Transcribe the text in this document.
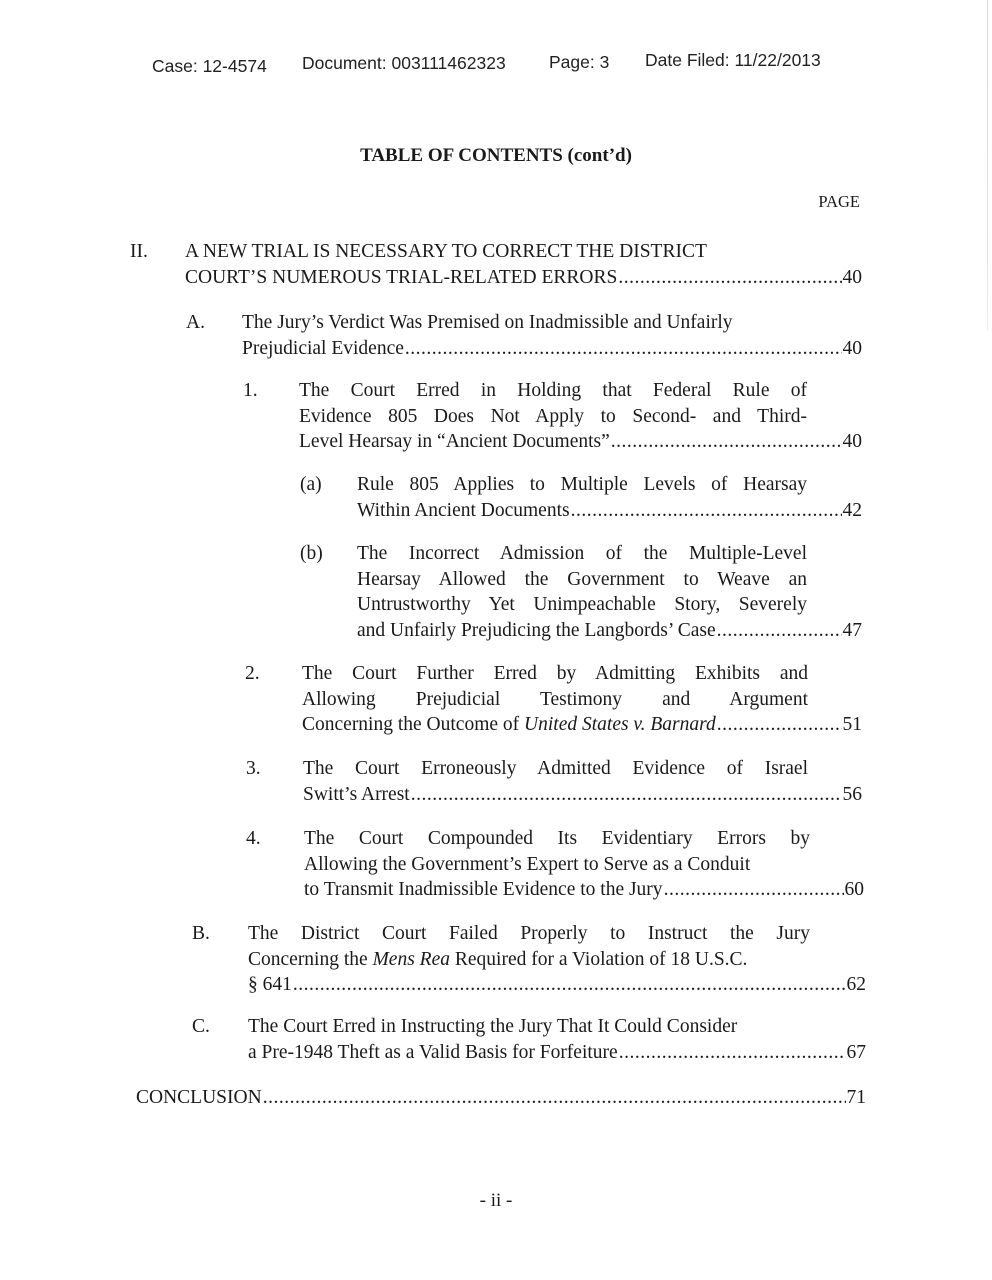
Case: 12-4574 Document: 003111462323 Page: 3 Date Filed: 11/22/2013
TABLE OF CONTENTS (cont’d)
PAGE
II. A NEW TRIAL IS NECESSARY TO CORRECT THE DISTRICT
COURT’S NUMEROUS TRIAL-RELATED ERRORS .....	40
A. The Jury’s Verdict Was Premised on Inadmissible and Unfairly
Prejudicial Evidence .....	40
1. The Court Erred in Holding that Federal Rule of
Evidence 805 Does Not Apply to Second- and Third-
Level Hearsay in “Ancient Documents” .....	40
(a) Rule 805 Applies to Multiple Levels of Hearsay
Within Ancient Documents .....	42
(b) The Incorrect Admission of the Multiple-Level
Hearsay Allowed the Government to Weave an
Untrustworthy Yet Unimpeachable Story, Severely
and Unfairly Prejudicing the Langbords’ Case .....	47
2. The Court Further Erred by Admitting Exhibits and
Allowing Prejudicial Testimony and Argument
Concerning the Outcome of United States v. Barnard .....	51
3. The Court Erroneously Admitted Evidence of Israel
Switt’s Arrest .....	56
4. The Court Compounded Its Evidentiary Errors by
Allowing the Government’s Expert to Serve as a Conduit
to Transmit Inadmissible Evidence to the Jury .....	60
B. The District Court Failed Properly to Instruct the Jury
Concerning the Mens Rea Required for a Violation of 18 U.S.C.
§ 641 .....	62
C. The Court Erred in Instructing the Jury That It Could Consider
a Pre-1948 Theft as a Valid Basis for Forfeiture .....	67
CONCLUSION .....	71
- ii -
